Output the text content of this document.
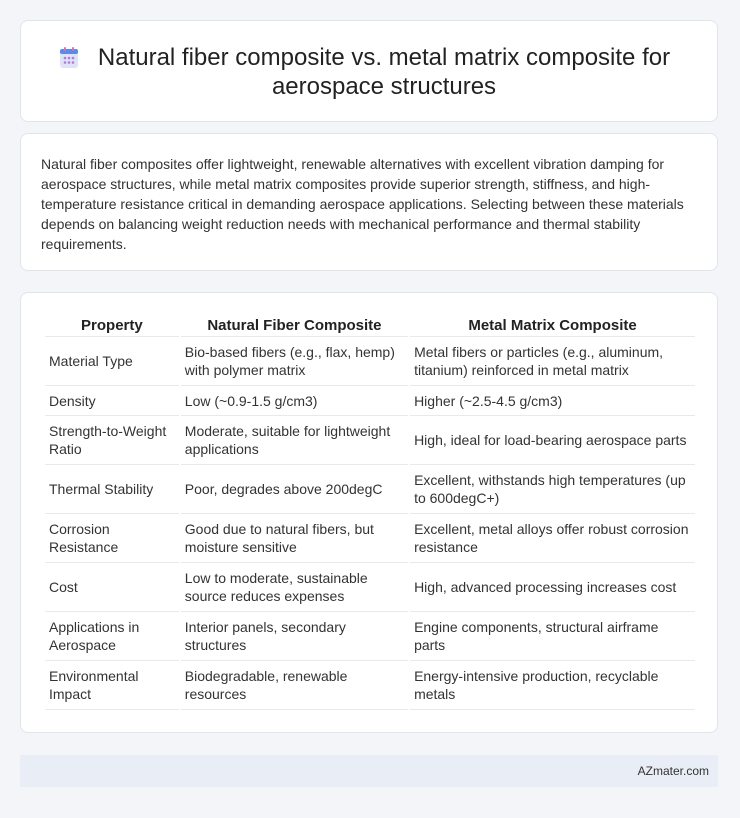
Natural fiber composite vs. metal matrix composite for aerospace structures

Natural fiber composites offer lightweight, renewable alternatives with excellent vibration damping for aerospace structures, while metal matrix composites provide superior strength, stiffness, and high-temperature resistance critical in demanding aerospace applications. Selecting between these materials depends on balancing weight reduction needs with mechanical performance and thermal stability requirements.

Property	Natural Fiber Composite	Metal Matrix Composite
Material Type	Bio-based fibers (e.g., flax, hemp) with polymer matrix	Metal fibers or particles (e.g., aluminum, titanium) reinforced in metal matrix
Density	Low (~0.9-1.5 g/cm3)	Higher (~2.5-4.5 g/cm3)
Strength-to-Weight Ratio	Moderate, suitable for lightweight applications	High, ideal for load-bearing aerospace parts
Thermal Stability	Poor, degrades above 200degC	Excellent, withstands high temperatures (up to 600degC+)
Corrosion Resistance	Good due to natural fibers, but moisture sensitive	Excellent, metal alloys offer robust corrosion resistance
Cost	Low to moderate, sustainable source reduces expenses	High, advanced processing increases cost
Applications in Aerospace	Interior panels, secondary structures	Engine components, structural airframe parts
Environmental Impact	Biodegradable, renewable resources	Energy-intensive production, recyclable metals
AZmater.com
